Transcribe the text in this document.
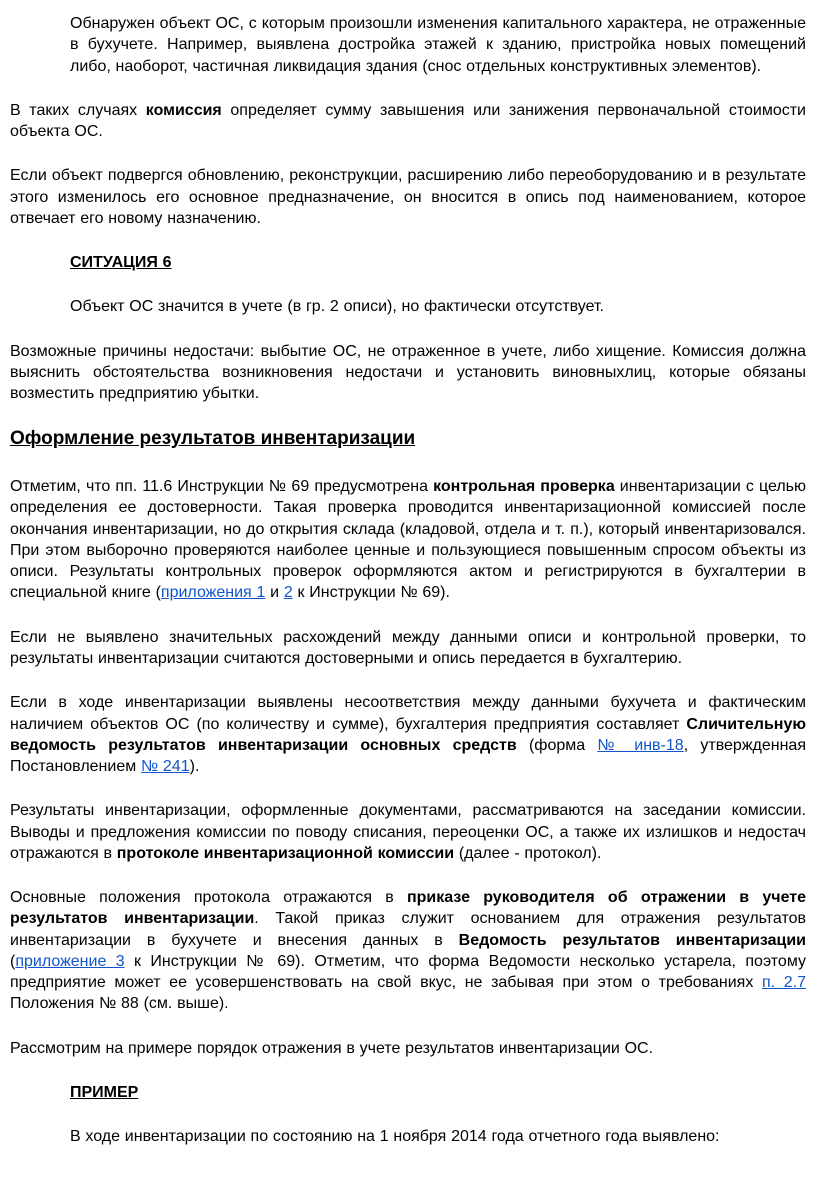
Обнаружен объект ОС, с которым произошли изменения капитального характера, не отраженные в бухучете. Например, выявлена достройка этажей к зданию, пристройка новых помещений либо, наоборот, частичная ликвидация здания (снос отдельных конструктивных элементов).

В таких случаях комиссия определяет сумму завышения или занижения первоначальной стоимости объекта ОС.

Если объект подвергся обновлению, реконструкции, расширению либо переоборудованию и в результате этого изменилось его основное предназначение, он вносится в опись под наименованием, которое отвечает его новому назначению.

СИТУАЦИЯ 6

Объект ОС значится в учете (в гр. 2 описи), но фактически отсутствует.

Возможные причины недостачи: выбытие ОС, не отраженное в учете, либо хищение. Комиссия должна выяснить обстоятельства возникновения недостачи и установить виновныхлиц, которые обязаны возместить предприятию убытки.

Оформление результатов инвентаризации

Отметим, что пп. 11.6 Инструкции № 69 предусмотрена контрольная проверка инвентаризации с целью определения ее достоверности. Такая проверка проводится инвентаризационной комиссией после окончания инвентаризации, но до открытия склада (кладовой, отдела и т. п.), который инвентаризовался. При этом выборочно проверяются наиболее ценные и пользующиеся повышенным спросом объекты из описи. Результаты контрольных проверок оформляются актом и регистрируются в бухгалтерии в специальной книге (приложения 1 и 2 к Инструкции № 69).

Если не выявлено значительных расхождений между данными описи и контрольной проверки, то результаты инвентаризации считаются достоверными и опись передается в бухгалтерию.

Если в ходе инвентаризации выявлены несоответствия между данными бухучета и фактическим наличием объектов ОС (по количеству и сумме), бухгалтерия предприятия составляет Сличительную ведомость результатов инвентаризации основных средств (форма № инв-18, утвержденная Постановлением № 241).

Результаты инвентаризации, оформленные документами, рассматриваются на заседании комиссии. Выводы и предложения комиссии по поводу списания, переоценки ОС, а также их излишков и недостач отражаются в протоколе инвентаризационной комиссии (далее - протокол).

Основные положения протокола отражаются в приказе руководителя об отражении в учете результатов инвентаризации. Такой приказ служит основанием для отражения результатов инвентаризации в бухучете и внесения данных в Ведомость результатов инвентаризации (приложение 3 к Инструкции № 69). Отметим, что форма Ведомости несколько устарела, поэтому предприятие может ее усовершенствовать на свой вкус, не забывая при этом о требованиях п. 2.7 Положения № 88 (см. выше).

Рассмотрим на примере порядок отражения в учете результатов инвентаризации ОС.

ПРИМЕР

В ходе инвентаризации по состоянию на 1 ноября 2014 года отчетного года выявлено:
